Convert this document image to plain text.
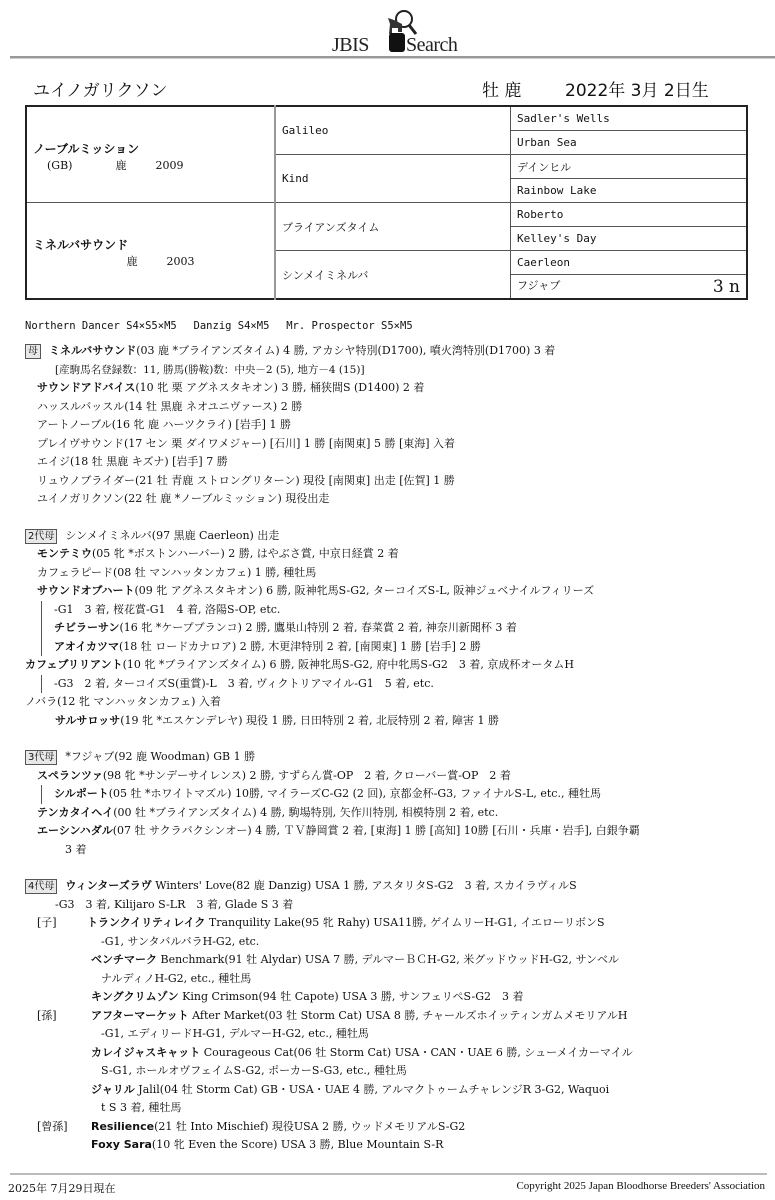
JBIS Search
ユイノガリクソン	牡 鹿	2022年 3月 2日生
ノーブルミッション
(GB) 鹿 2009	Galileo	Sadler's Wells
		Urban Sea
	Kind	デインヒル
		Rainbow Lake

ミネルバサウンド
鹿 2003	ブライアンズタイム	Roberto
		Kelley's Day
	シンメイミネルバ	Caerleon
		フジャブ 3 n
Northern Dancer S4×S5×M5　 Danzig S4×M5　 Mr. Prospector S5×M5
母 ミネルバサウンド(03 鹿 *ブライアンズタイム) 4 勝, アカシヤ特別(D1700), 噴火湾特別(D1700) 3 着
[産駒馬名登録数：11, 勝馬(勝鞍)数：中央－2 (5), 地方－4 (15)]
サウンドアドバイス(10 牝 栗 アグネスタキオン) 3 勝, 桶狭間S (D1400) 2 着
ハッスルバッスル(14 牡 黒鹿 ネオユニヴァース) 2 勝
アートノーブル(16 牝 鹿 ハーツクライ) [岩手] 1 勝
プレイヴサウンド(17 セン 栗 ダイワメジャー) [石川] 1 勝 [南関東] 5 勝 [東海] 入着
エイジ(18 牡 黒鹿 キズナ) [岩手] 7 勝
リュウノブライダー(21 牡 青鹿 ストロングリターン) 現役 [南関東] 出走 [佐賀] 1 勝
ユイノガリクソン(22 牡 鹿 *ノーブルミッション) 現役出走
2代母 シンメイミネルバ(97 黒鹿 Caerleon) 出走
モンテミウ(05 牝 *ボストンハーバー) 2 勝, はやぶさ賞, 中京日経賞 2 着
カフェラピード(08 牡 マンハッタンカフェ) 1 勝, 種牡馬
サウンドオブハート(09 牝 アグネスタキオン) 6 勝, 阪神牝馬S-G2, ターコイズS-L, 阪神ジュベナイルフィリーズ
-G1　3 着, 桜花賞-G1　4 着, 洛陽S-OP, etc.
チビラーサン(16 牝 *ケープブランコ) 2 勝, 鷹巣山特別 2 着, 春菜賞 2 着, 神奈川新聞杯 3 着
アオイカツマ(18 牡 ロードカナロア) 2 勝, 木更津特別 2 着, [南関東] 1 勝 [岩手] 2 勝
カフェブリリアント(10 牝 *ブライアンズタイム) 6 勝, 阪神牝馬S-G2, 府中牝馬S-G2　3 着, 京成杯オータムH
-G3　2 着, ターコイズS(重賞)-L　3 着, ヴィクトリアマイル-G1　5 着, etc.
ノバラ(12 牝 マンハッタンカフェ) 入着
サルサロッサ(19 牝 *エスケンデレヤ) 現役 1 勝, 日田特別 2 着, 北辰特別 2 着, 障害 1 勝
3代母 *フジャブ(92 鹿 Woodman) GB 1 勝
スペランツァ(98 牝 *サンデーサイレンス) 2 勝, すずらん賞-OP　2 着, クローバー賞-OP　2 着
シルポート(05 牡 *ホワイトマズル) 10勝, マイラーズC-G2 (2 回), 京都金杯-G3, ファイナルS-L, etc., 種牡馬
テンカタイヘイ(00 牡 *ブライアンズタイム) 4 勝, 駒場特別, 矢作川特別, 相模特別 2 着, etc.
エーシンハダル(07 牡 サクラバクシンオー) 4 勝, ＴＶ静岡賞 2 着, [東海] 1 勝 [高知] 10勝 [石川・兵庫・岩手], 白銀争覇
3 着
4代母 ウィンターズラヴ Winters' Love(82 鹿 Danzig) USA 1 勝, アスタリタS-G2　3 着, スカイラヴィルS
-G3　3 着, Kilijaro S-LR　3 着, Glade S 3 着
[子]	トランクイリティレイク Tranquility Lake(95 牝 Rahy) USA11勝, ゲイムリーH-G1, イエローリボンS
-G1, サンタバルバラH-G2, etc.
ベンチマーク Benchmark(91 牡 Alydar) USA 7 勝, デルマーＢＣH-G2, 米グッドウッドH-G2, サンベル
ナルディノH-G2, etc., 種牡馬
キングクリムゾン King Crimson(94 牡 Capote) USA 3 勝, サンフェリペS-G2　3 着
[孫]	アフターマーケット After Market(03 牡 Storm Cat) USA 8 勝, チャールズホイッティンガムメモリアルH
-G1, エディリードH-G1, デルマーH-G2, etc., 種牡馬
カレイジャスキャット Courageous Cat(06 牡 Storm Cat) USA・CAN・UAE 6 勝, シューメイカーマイル
S-G1, ホールオヴフェイムS-G2, ポーカーS-G3, etc., 種牡馬
ジャリル Jalil(04 牡 Storm Cat) GB・USA・UAE 4 勝, アルマクトゥームチャレンジR 3-G2, Waquoi
t S 3 着, 種牡馬
[曾孫] Resilience(21 牡 Into Mischief) 現役USA 2 勝, ウッドメモリアルS-G2
Foxy Sara(10 牝 Even the Score) USA 3 勝, Blue Mountain S-R
2025年 7月29日現在	Copyright 2025 Japan Bloodhorse Breeders' Association
